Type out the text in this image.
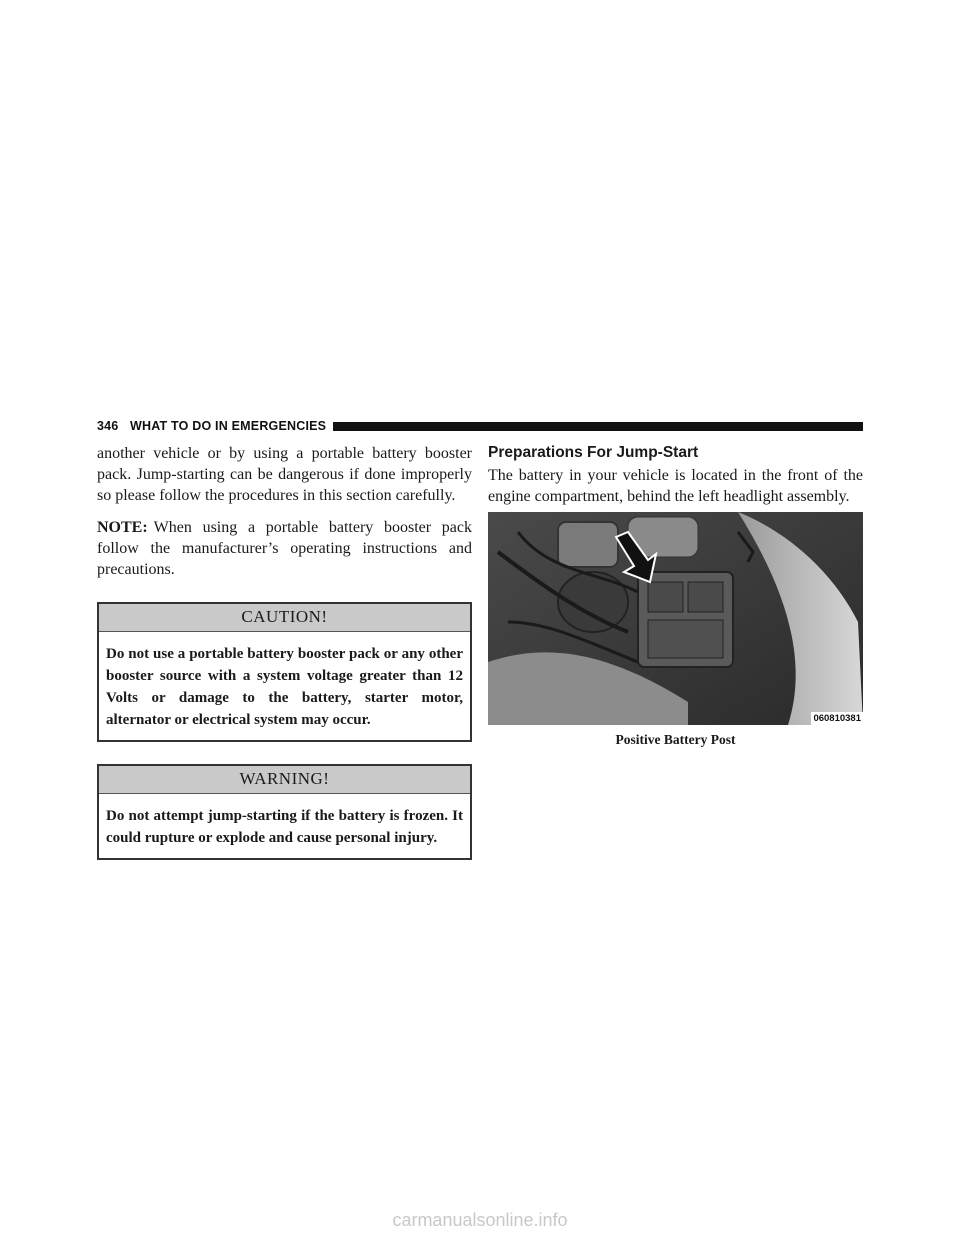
346 WHAT TO DO IN EMERGENCIES

another vehicle or by using a portable battery booster pack. Jump-starting can be dangerous if done improperly so please follow the procedures in this section carefully.

NOTE: When using a portable battery booster pack follow the manufacturer’s operating instructions and precautions.

CAUTION!
Do not use a portable battery booster pack or any other booster source with a system voltage greater than 12 Volts or damage to the battery, starter motor, alternator or electrical system may occur.
WARNING!
Do not attempt jump-starting if the battery is frozen. It could rupture or explode and cause personal injury.
Preparations For Jump-Start

The battery in your vehicle is located in the front of the engine compartment, behind the left headlight assembly.

060810381
Positive Battery Post
carmanualsonline.info
